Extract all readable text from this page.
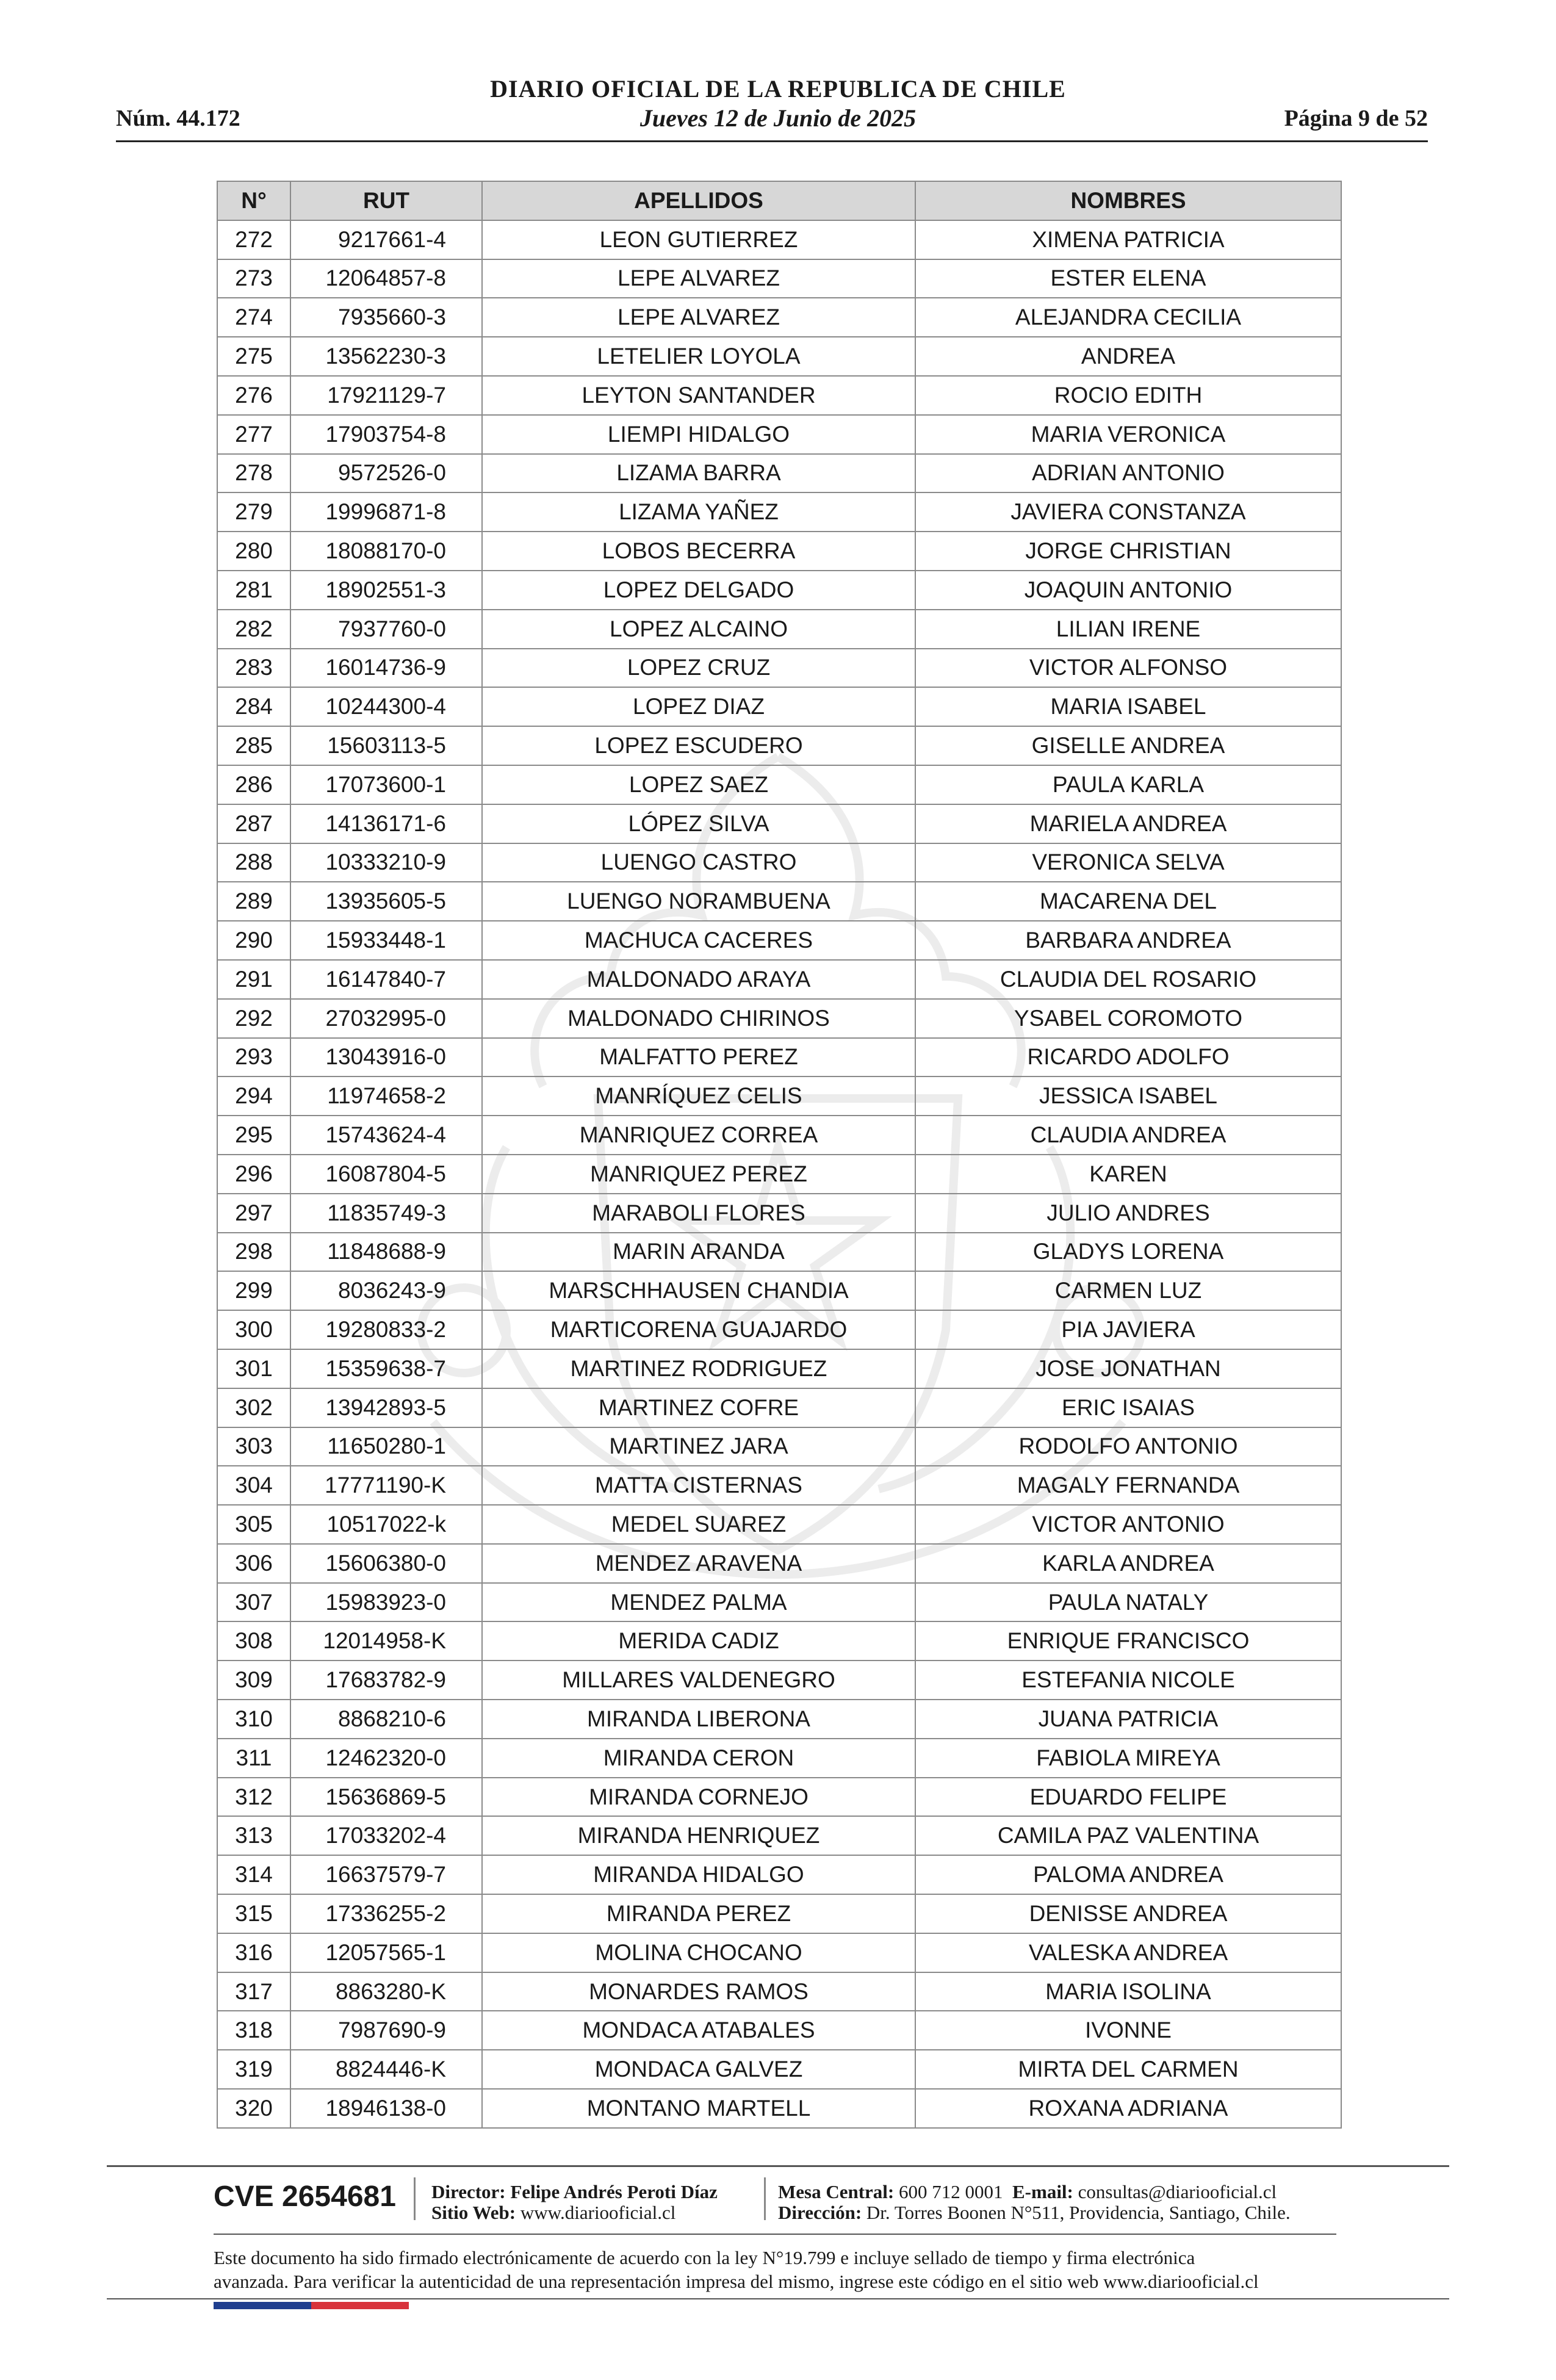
DIARIO OFICIAL DE LA REPUBLICA DE CHILE
Jueves 12 de Junio de 2025
Núm. 44.172	Página 9 de 52
N°	RUT	APELLIDOS	NOMBRES
272	9217661-4	LEON GUTIERREZ	XIMENA PATRICIA
273	12064857-8	LEPE ALVAREZ	ESTER ELENA
274	7935660-3	LEPE ALVAREZ	ALEJANDRA CECILIA
275	13562230-3	LETELIER LOYOLA	ANDREA
276	17921129-7	LEYTON SANTANDER	ROCIO EDITH
277	17903754-8	LIEMPI HIDALGO	MARIA VERONICA
278	9572526-0	LIZAMA BARRA	ADRIAN ANTONIO
279	19996871-8	LIZAMA YAÑEZ	JAVIERA CONSTANZA
280	18088170-0	LOBOS BECERRA	JORGE CHRISTIAN
281	18902551-3	LOPEZ DELGADO	JOAQUIN ANTONIO
282	7937760-0	LOPEZ ALCAINO	LILIAN IRENE
283	16014736-9	LOPEZ CRUZ	VICTOR ALFONSO
284	10244300-4	LOPEZ DIAZ	MARIA ISABEL
285	15603113-5	LOPEZ ESCUDERO	GISELLE ANDREA
286	17073600-1	LOPEZ SAEZ	PAULA KARLA
287	14136171-6	LÓPEZ SILVA	MARIELA ANDREA
288	10333210-9	LUENGO CASTRO	VERONICA SELVA
289	13935605-5	LUENGO NORAMBUENA	MACARENA DEL
290	15933448-1	MACHUCA CACERES	BARBARA ANDREA
291	16147840-7	MALDONADO ARAYA	CLAUDIA DEL ROSARIO
292	27032995-0	MALDONADO CHIRINOS	YSABEL COROMOTO
293	13043916-0	MALFATTO PEREZ	RICARDO ADOLFO
294	11974658-2	MANRÍQUEZ CELIS	JESSICA ISABEL
295	15743624-4	MANRIQUEZ CORREA	CLAUDIA ANDREA
296	16087804-5	MANRIQUEZ PEREZ	KAREN
297	11835749-3	MARABOLI FLORES	JULIO ANDRES
298	11848688-9	MARIN ARANDA	GLADYS LORENA
299	8036243-9	MARSCHHAUSEN CHANDIA	CARMEN LUZ
300	19280833-2	MARTICORENA GUAJARDO	PIA JAVIERA
301	15359638-7	MARTINEZ RODRIGUEZ	JOSE JONATHAN
302	13942893-5	MARTINEZ COFRE	ERIC ISAIAS
303	11650280-1	MARTINEZ JARA	RODOLFO ANTONIO
304	17771190-K	MATTA CISTERNAS	MAGALY FERNANDA
305	10517022-k	MEDEL SUAREZ	VICTOR ANTONIO
306	15606380-0	MENDEZ ARAVENA	KARLA ANDREA
307	15983923-0	MENDEZ PALMA	PAULA NATALY
308	12014958-K	MERIDA CADIZ	ENRIQUE FRANCISCO
309	17683782-9	MILLARES VALDENEGRO	ESTEFANIA NICOLE
310	8868210-6	MIRANDA LIBERONA	JUANA PATRICIA
311	12462320-0	MIRANDA CERON	FABIOLA MIREYA
312	15636869-5	MIRANDA CORNEJO	EDUARDO FELIPE
313	17033202-4	MIRANDA HENRIQUEZ	CAMILA PAZ VALENTINA
314	16637579-7	MIRANDA HIDALGO	PALOMA ANDREA
315	17336255-2	MIRANDA PEREZ	DENISSE ANDREA
316	12057565-1	MOLINA CHOCANO	VALESKA ANDREA
317	8863280-K	MONARDES RAMOS	MARIA ISOLINA
318	7987690-9	MONDACA ATABALES	IVONNE
319	8824446-K	MONDACA GALVEZ	MIRTA DEL CARMEN
320	18946138-0	MONTANO MARTELL	ROXANA ADRIANA
CVE 2654681 Director: Felipe Andrés Peroti Díaz
Sitio Web: www.diariooficial.cl
Mesa Central: 600 712 0001 E-mail: consultas@diariooficial.cl
Dirección: Dr. Torres Boonen N°511, Providencia, Santiago, Chile.
Este documento ha sido firmado electrónicamente de acuerdo con la ley N°19.799 e incluye sellado de tiempo y firma electrónica
avanzada. Para verificar la autenticidad de una representación impresa del mismo, ingrese este código en el sitio web www.diariooficial.cl
